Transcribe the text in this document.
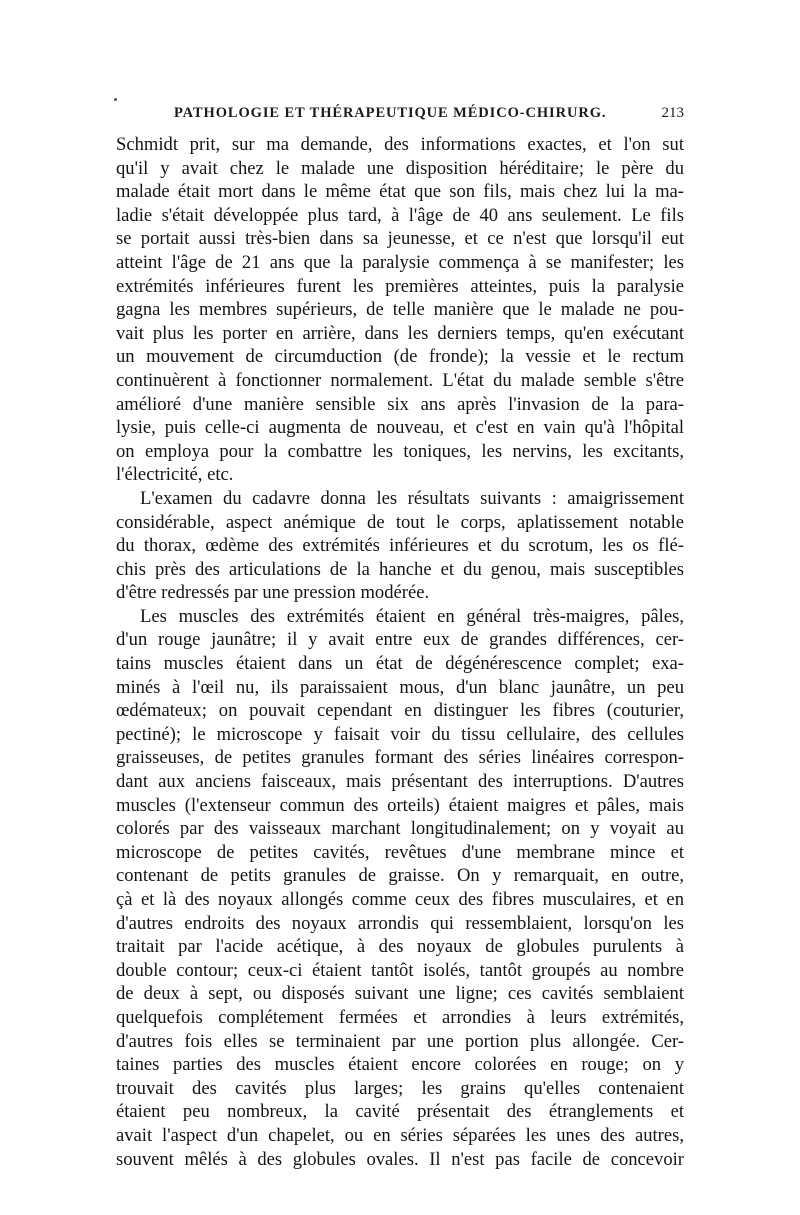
PATHOLOGIE ET THÉRAPEUTIQUE MÉDICO-CHIRURG.	213
Schmidt prit, sur ma demande, des informations exactes, et l'on sut
qu'il y avait chez le malade une disposition héréditaire; le père du
malade était mort dans le même état que son fils, mais chez lui la ma-
ladie s'était développée plus tard, à l'âge de 40 ans seulement. Le fils
se portait aussi très-bien dans sa jeunesse, et ce n'est que lorsqu'il eut
atteint l'âge de 21 ans que la paralysie commença à se manifester; les
extrémités inférieures furent les premières atteintes, puis la paralysie
gagna les membres supérieurs, de telle manière que le malade ne pou-
vait plus les porter en arrière, dans les derniers temps, qu'en exécutant
un mouvement de circumduction (de fronde); la vessie et le rectum
continuèrent à fonctionner normalement. L'état du malade semble s'être
amélioré d'une manière sensible six ans après l'invasion de la para-
lysie, puis celle-ci augmenta de nouveau, et c'est en vain qu'à l'hôpital
on employa pour la combattre les toniques, les nervins, les excitants,
l'électricité, etc.
L'examen du cadavre donna les résultats suivants : amaigrissement
considérable, aspect anémique de tout le corps, aplatissement notable
du thorax, œdème des extrémités inférieures et du scrotum, les os flé-
chis près des articulations de la hanche et du genou, mais susceptibles
d'être redressés par une pression modérée.
Les muscles des extrémités étaient en général très-maigres, pâles,
d'un rouge jaunâtre; il y avait entre eux de grandes différences, cer-
tains muscles étaient dans un état de dégénérescence complet; exa-
minés à l'œil nu, ils paraissaient mous, d'un blanc jaunâtre, un peu
œdémateux; on pouvait cependant en distinguer les fibres (couturier,
pectiné); le microscope y faisait voir du tissu cellulaire, des cellules
graisseuses, de petites granules formant des séries linéaires correspon-
dant aux anciens faisceaux, mais présentant des interruptions. D'autres
muscles (l'extenseur commun des orteils) étaient maigres et pâles, mais
colorés par des vaisseaux marchant longitudinalement; on y voyait au
microscope de petites cavités, revêtues d'une membrane mince et
contenant de petits granules de graisse. On y remarquait, en outre,
çà et là des noyaux allongés comme ceux des fibres musculaires, et en
d'autres endroits des noyaux arrondis qui ressemblaient, lorsqu'on les
traitait par l'acide acétique, à des noyaux de globules purulents à
double contour; ceux-ci étaient tantôt isolés, tantôt groupés au nombre
de deux à sept, ou disposés suivant une ligne; ces cavités semblaient
quelquefois complétement fermées et arrondies à leurs extrémités,
d'autres fois elles se terminaient par une portion plus allongée. Cer-
taines parties des muscles étaient encore colorées en rouge; on y
trouvait des cavités plus larges; les grains qu'elles contenaient
étaient peu nombreux, la cavité présentait des étranglements et
avait l'aspect d'un chapelet, ou en séries séparées les unes des autres,
souvent mêlés à des globules ovales. Il n'est pas facile de concevoir
